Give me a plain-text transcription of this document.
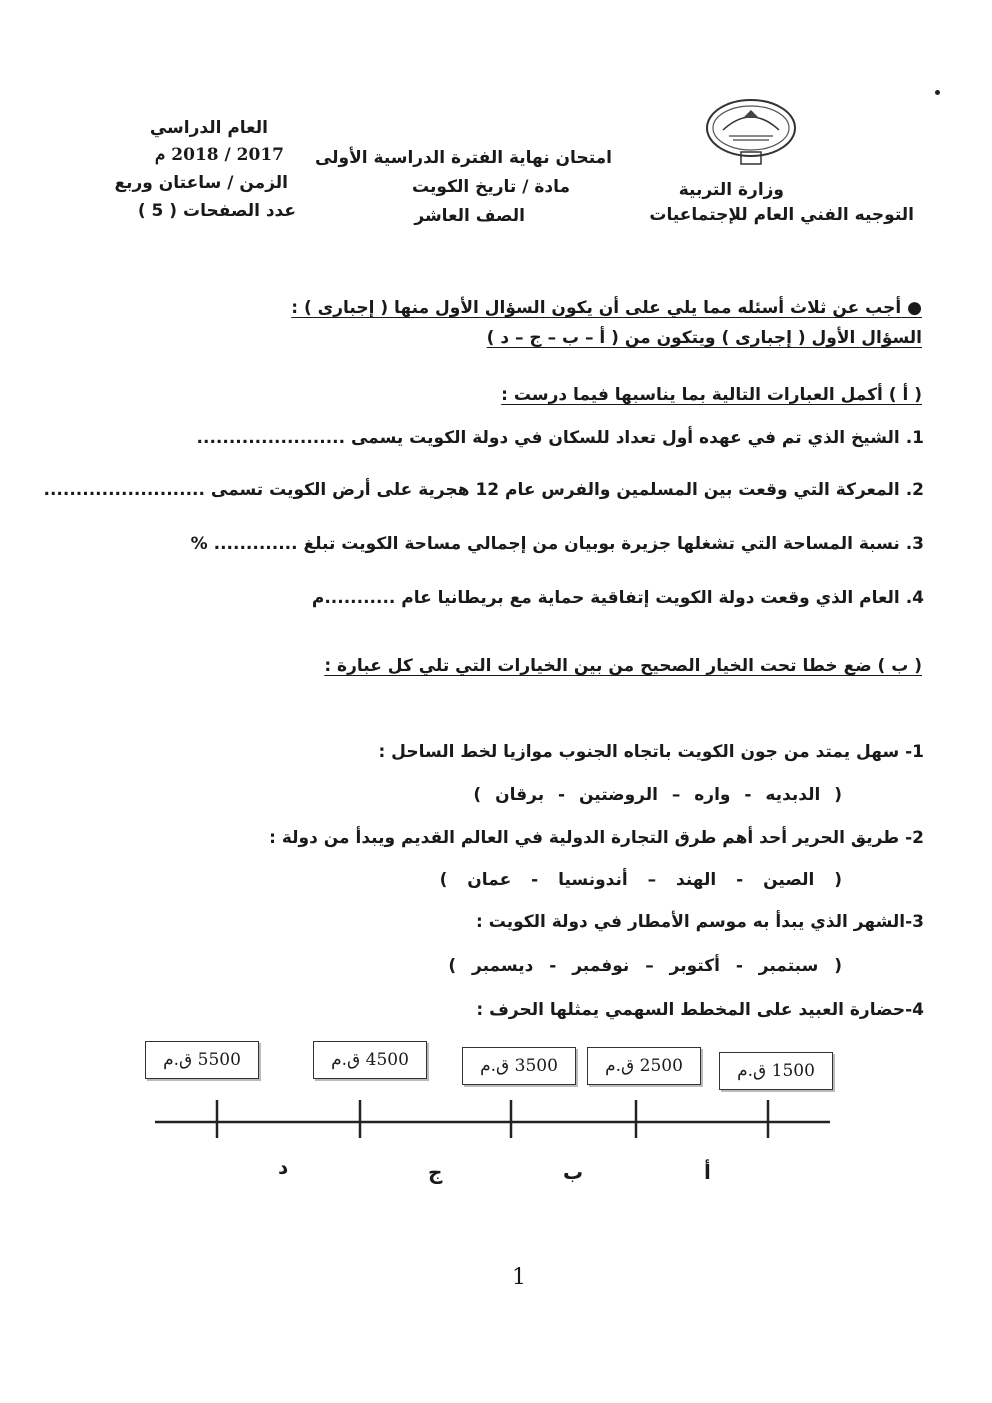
وزارة التربية
التوجيه الفني العام للإجتماعيات
امتحان نهاية الفترة الدراسية الأولى
مادة / تاريخ الكويت
الصف العاشر
العام الدراسي
2017 / 2018 م
الزمن / ساعتان وربع
عدد الصفحات ( 5 )
● أجب عن ثلاث أسئله مما يلي على أن يكون السؤال الأول منها ( إجبارى ) :
السؤال الأول ( إجبارى ) ويتكون من ( أ – ب – ج – د )
( أ ) أكمل العبارات التالية بما يناسبها فيما درست :
1. الشيخ الذي تم في عهده أول تعداد للسكان في دولة الكويت يسمى .......................
2. المعركة التي وقعت بين المسلمين والفرس عام 12 هجرية على أرض الكويت تسمى .........................
3. نسبة المساحة التي تشغلها جزيرة بوبيان من إجمالي مساحة الكويت تبلغ ............. %
4. العام الذي وقعت دولة الكويت إتفاقية حماية مع بريطانيا عام ...........م
( ب ) ضع خطا تحت الخيار الصحيح من بين الخيارات التي تلي كل عبارة :
1- سهل يمتد من جون الكويت باتجاه الجنوب موازيا لخط الساحل :
( الدبديه - واره – الروضتين - برقان )
2- طريق الحرير أحد أهم طرق التجارة الدولية في العالم القديم ويبدأ من دولة :
( الصين - الهند – أندونسيا - عمان )
3-الشهر الذي يبدأ به موسم الأمطار في دولة الكويت :
( سبتمبر - أكتوبر – نوفمبر - ديسمبر )
4-حضارة العبيد على المخطط السهمي يمثلها الحرف :
5500 ق.م	4500 ق.م	3500 ق.م	2500 ق.م	1500 ق.م
د	ج	ب	أ
1
